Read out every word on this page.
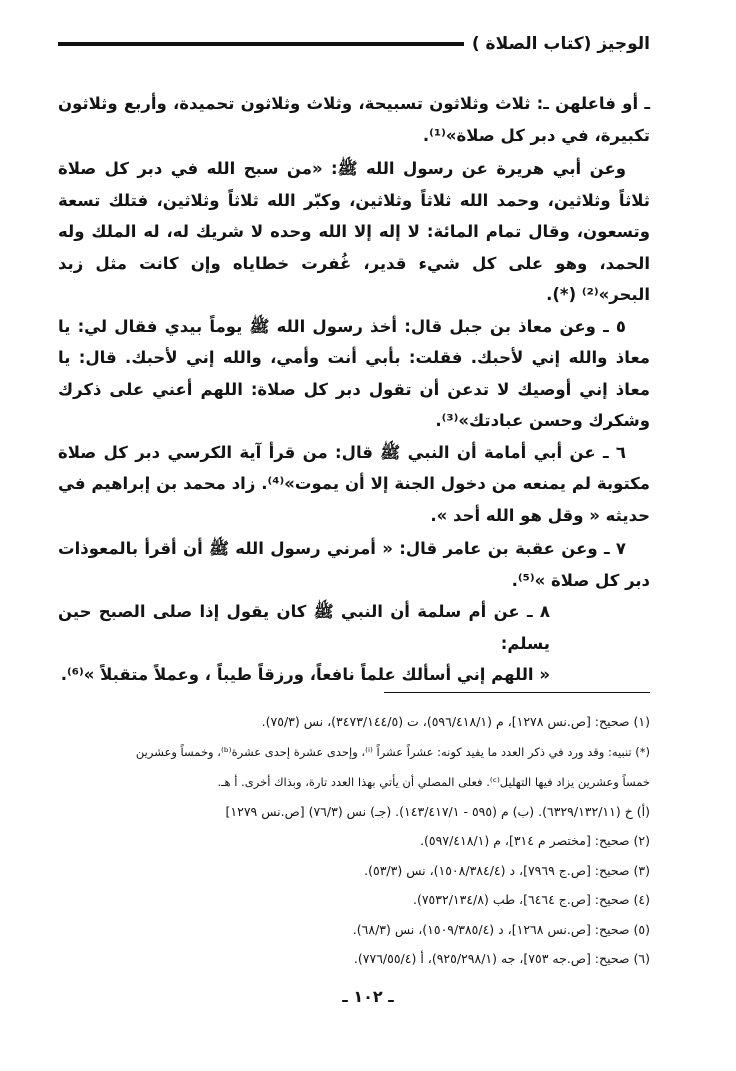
الوجيز (كتاب الصلاة )

ـ أو فاعلهن ـ: ثلاث وثلاثون تسبيحة، وثلاث وثلاثون تحميدة، وأربع وثلاثون تكبيرة، في دبر كل صلاة»⁽¹⁾.

وعن أبي هريرة عن رسول الله ﷺ: «من سبح الله في دبر كل صلاة ثلاثاً وثلاثين، وحمد الله ثلاثاً وثلاثين، وكبّر الله ثلاثاً وثلاثين، فتلك تسعة وتسعون، وقال تمام المائة: لا إله إلا الله وحده لا شريك له، له الملك وله الحمد، وهو على كل شيء قدير، غُفرت خطاياه وإن كانت مثل زبد البحر»⁽²⁾ (*).

٥ ـ وعن معاذ بن جبل قال: أخذ رسول الله ﷺ يوماً بيدي فقال لي: يا معاذ والله إني لأحبك. فقلت: بأبي أنت وأمي، والله إني لأحبك. قال: يا معاذ إني أوصيك لا تدعن أن تقول دبر كل صلاة: اللهم أعني على ذكرك وشكرك وحسن عبادتك»⁽³⁾.

٦ ـ عن أبي أمامة أن النبي ﷺ قال: من قرأ آية الكرسي دبر كل صلاة مكتوبة لم يمنعه من دخول الجنة إلا أن يموت»⁽⁴⁾. زاد محمد بن إبراهيم في حديثه « وقل هو الله أحد ».

٧ ـ وعن عقبة بن عامر قال: « أمرني رسول الله ﷺ أن أقرأ بالمعوذات دبر كل صلاة »⁽⁵⁾.

٨ ـ عن أم سلمة أن النبي ﷺ كان يقول إذا صلى الصبح حين يسلم:

« اللهم إني أسألك علماً نافعاً، ورزقاً طيباً ، وعملاً متقبلاً »⁽⁶⁾.

(١) صحيح: [ص.نس ١٢٧٨]، م (٥٩٦/٤١٨/١)، ت (٣٤٧٣/١٤٤/٥)، نس (٧٥/٣).

(*) تنبيه: وقد ورد في ذكر العدد ما يفيد كونه: عشراً عشراً ⁽ⁱ⁾، وإحدى عشرة إحدى عشرة⁽ᵇ⁾، وخمساً وعشرين

خمساً وعشرين يزاد فيها التهليل⁽ᶜ⁾. فعلى المصلي أن يأتي بهذا العدد تارة، وبذاك أخرى. أ هـ.

(أ) خ (٦٣٢٩/١٣٢/١١). (ب) م (٥٩٥ - ١٤٣/٤١٧/١). (جـ) نس (٧٦/٣) [ص.نس ١٢٧٩]

(٢) صحيح: [مختصر م ٣١٤]، م (٥٩٧/٤١٨/١).

(٣) صحيح: [ص.ج ٧٩٦٩]، د (١٥٠٨/٣٨٤/٤)، نس (٥٣/٣).

(٤) صحيح: [ص.ج ٦٤٦٤]، طب (٧٥٣٢/١٣٤/٨).

(٥) صحيح: [ص.نس ١٢٦٨]، د (١٥٠٩/٣٨٥/٤)، نس (٦٨/٣).

(٦) صحيح: [ص.جه ٧٥٣]، جه (٩٢٥/٢٩٨/١)، أ (٧٧٦/٥٥/٤).

ـ ١٠٢ ـ
